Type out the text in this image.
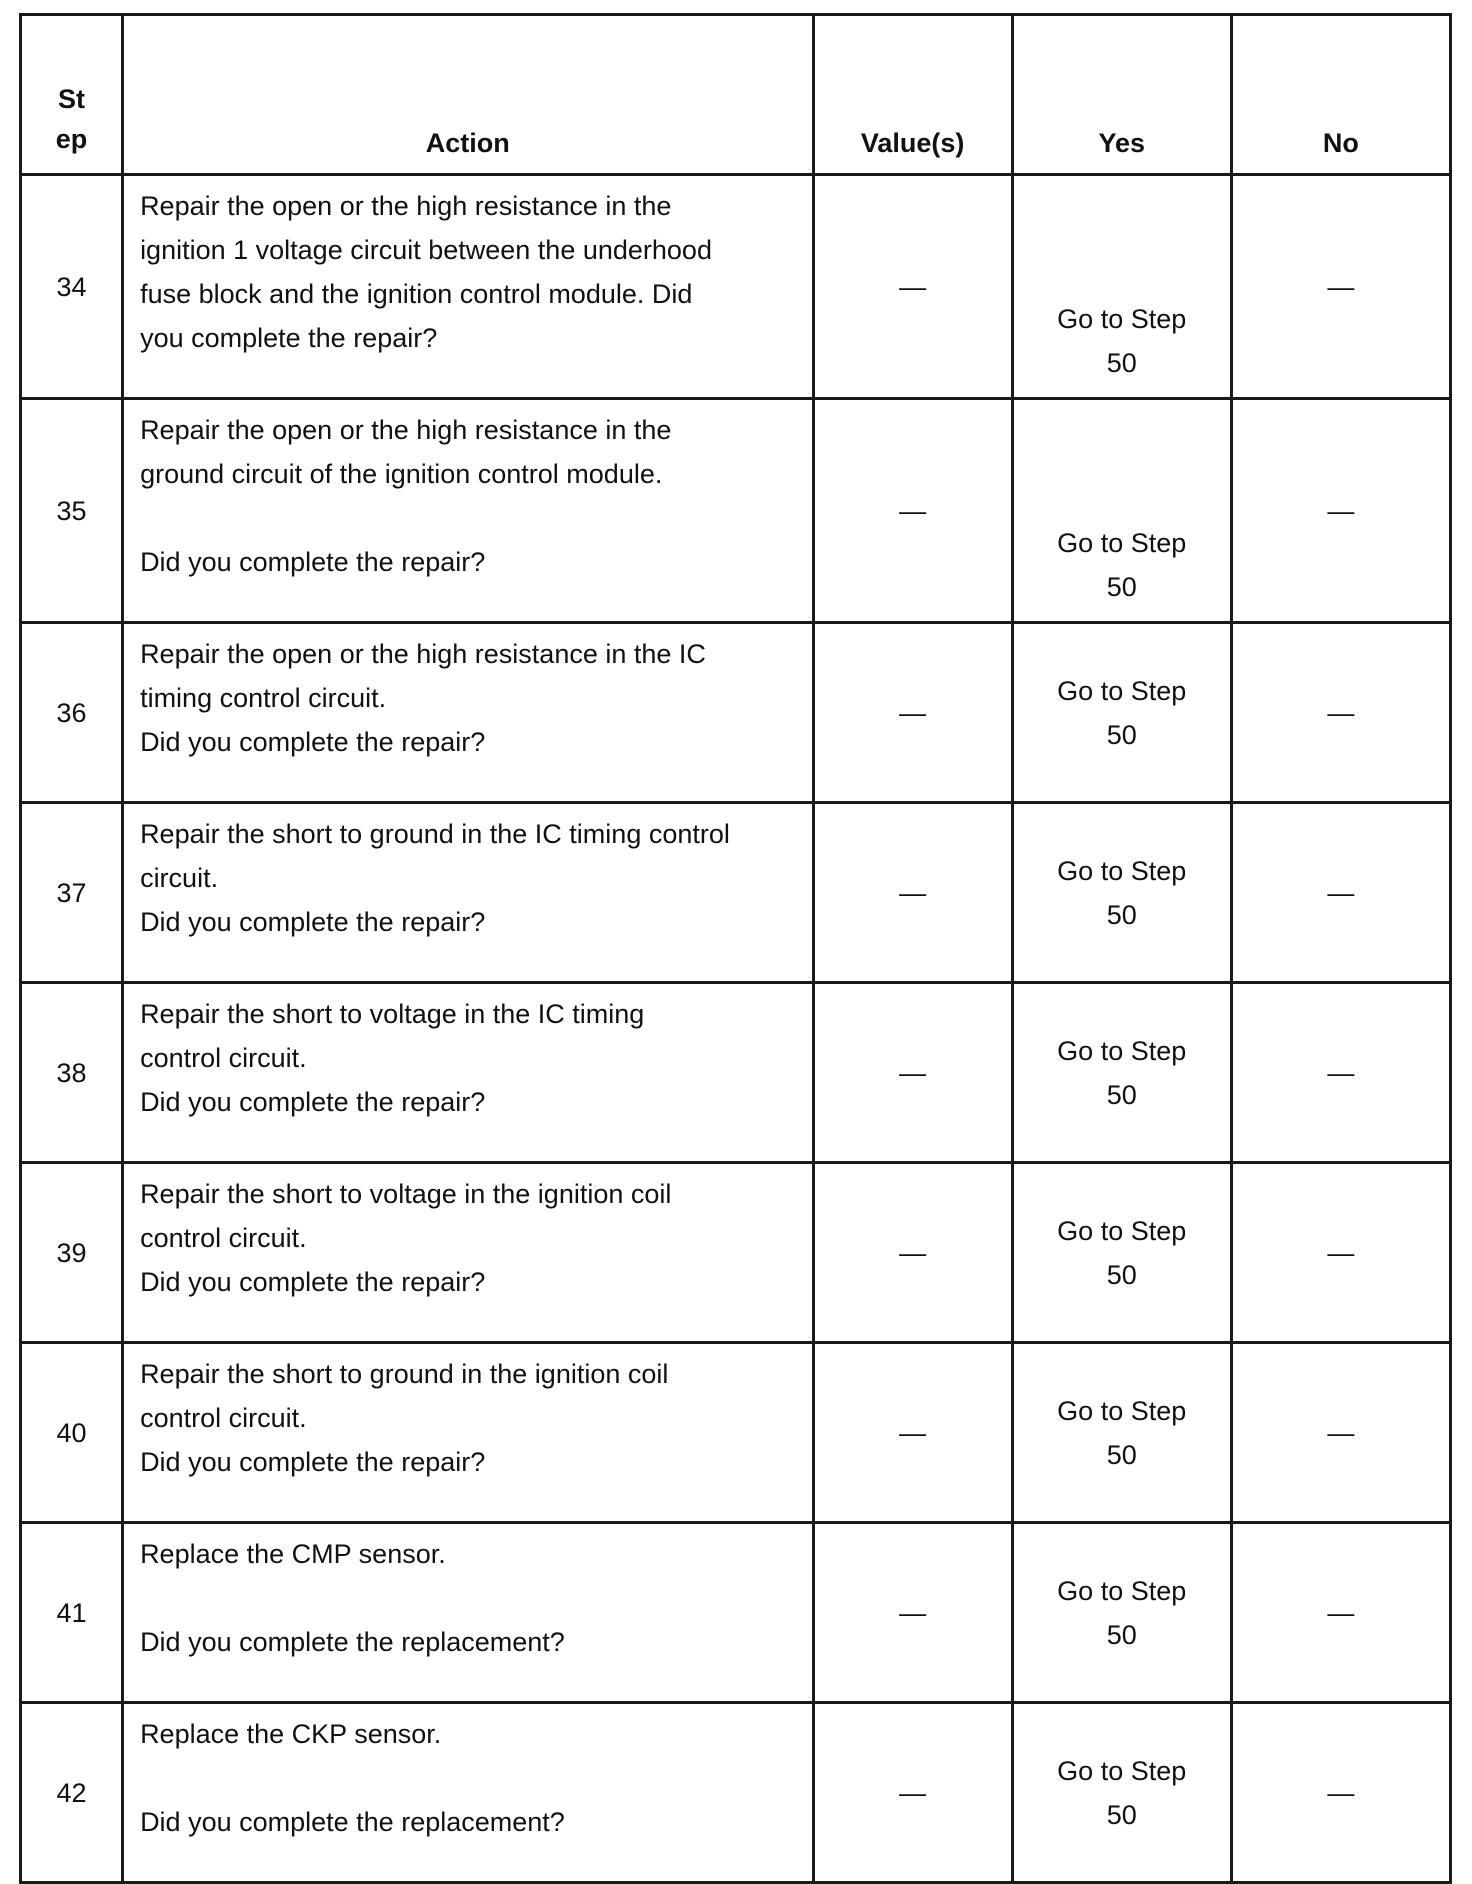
St
ep	Action	Value(s)	Yes	No
34	Repair the open or the high resistance in the
ignition 1 voltage circuit between the underhood
fuse block and the ignition control module. Did
you complete the repair?	—	Go to Step
50	—
35	Repair the open or the high resistance in the
ground circuit of the ignition control module.
Did you complete the repair?	—	Go to Step
50	—
36	Repair the open or the high resistance in the IC
timing control circuit.
Did you complete the repair?	—	Go to Step
50	—
37	Repair the short to ground in the IC timing control
circuit.
Did you complete the repair?	—	Go to Step
50	—
38	Repair the short to voltage in the IC timing
control circuit.
Did you complete the repair?	—	Go to Step
50	—
39	Repair the short to voltage in the ignition coil
control circuit.
Did you complete the repair?	—	Go to Step
50	—
40	Repair the short to ground in the ignition coil
control circuit.
Did you complete the repair?	—	Go to Step
50	—
41	Replace the CMP sensor.
Did you complete the replacement?	—	Go to Step
50	—
42	Replace the CKP sensor.
Did you complete the replacement?	—	Go to Step
50	—
